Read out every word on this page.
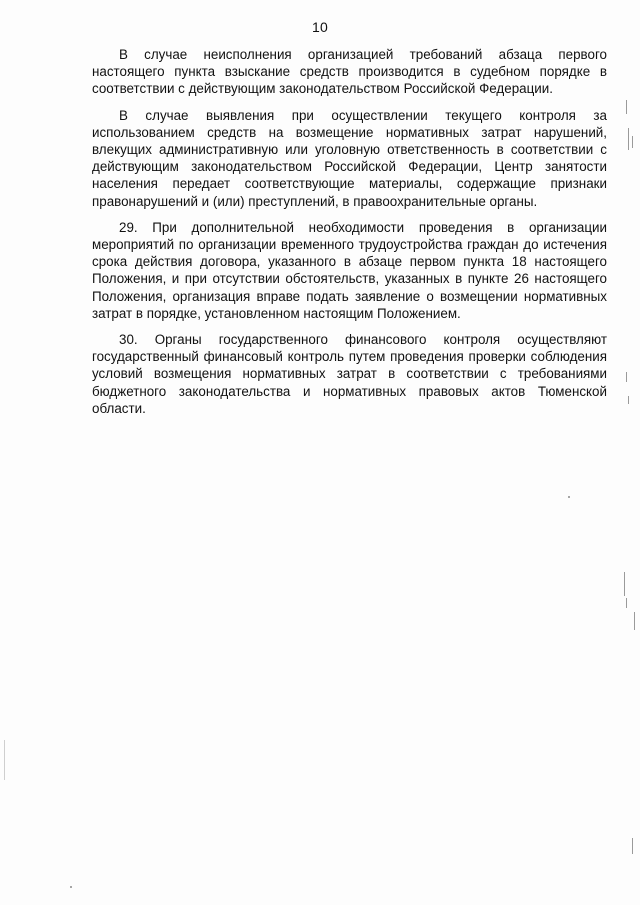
10

В случае неисполнения организацией требований абзаца первого настоящего пункта взыскание средств производится в судебном порядке в соответствии с действующим законодательством Российской Федерации.

В случае выявления при осуществлении текущего контроля за использованием средств на возмещение нормативных затрат нарушений, влекущих административную или уголовную ответственность в соответствии с действующим законодательством Российской Федерации, Центр занятости населения передает соответствующие материалы, содержащие признаки правонарушений и (или) преступлений, в правоохранительные органы.

29. При дополнительной необходимости проведения в организации мероприятий по организации временного трудоустройства граждан до истечения срока действия договора, указанного в абзаце первом пункта 18 настоящего Положения, и при отсутствии обстоятельств, указанных в пункте 26 настоящего Положения, организация вправе подать заявление о возмещении нормативных затрат в порядке, установленном настоящим Положением.

30. Органы государственного финансового контроля осуществляют государственный финансовый контроль путем проведения проверки соблюдения условий возмещения нормативных затрат в соответствии с требованиями бюджетного законодательства и нормативных правовых актов Тюменской области.
